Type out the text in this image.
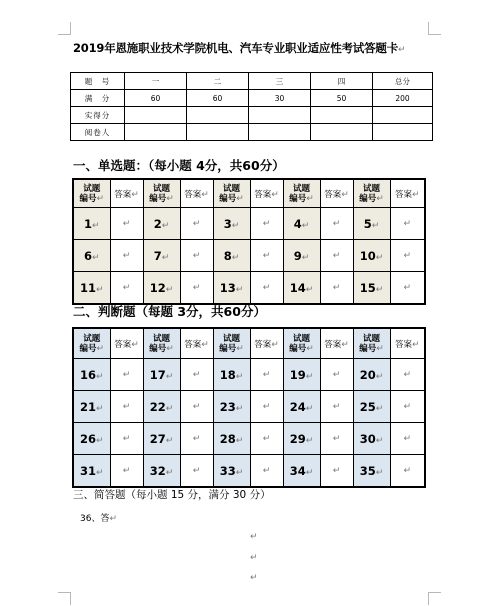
2019年恩施职业技术学院机电、汽车专业职业适应性考试答题卡↵
题　号	一	二	三	四	总分
满　分	60	60	30	50	200
实得分					
阅卷人					
一、单选题：（每小题 4分，共60分）
试题
编号↵	答案↵	试题
编号↵	答案↵	试题
编号↵	答案↵	试题
编号↵	答案↵	试题
编号↵	答案↵
1↵	↵	2↵	↵	3↵	↵	4↵	↵	5↵	↵
6↵	↵	7↵	↵	8↵	↵	9↵	↵	10↵	↵
11↵	↵	12↵	↵	13↵	↵	14↵	↵	15↵	↵
二、判断题（每题 3分，共60分）
试题
编号↵	答案↵	试题
编号↵	答案↵	试题
编号↵	答案↵	试题
编号↵	答案↵	试题
编号↵	答案↵
16↵	↵	17↵	↵	18↵	↵	19↵	↵	20↵	↵
21↵	↵	22↵	↵	23↵	↵	24↵	↵	25↵	↵
26↵	↵	27↵	↵	28↵	↵	29↵	↵	30↵	↵
31↵	↵	32↵	↵	33↵	↵	34↵	↵	35↵	↵
三、简答题（每小题 15 分，满分 30 分）
36、答↵
↵
↵
↵
